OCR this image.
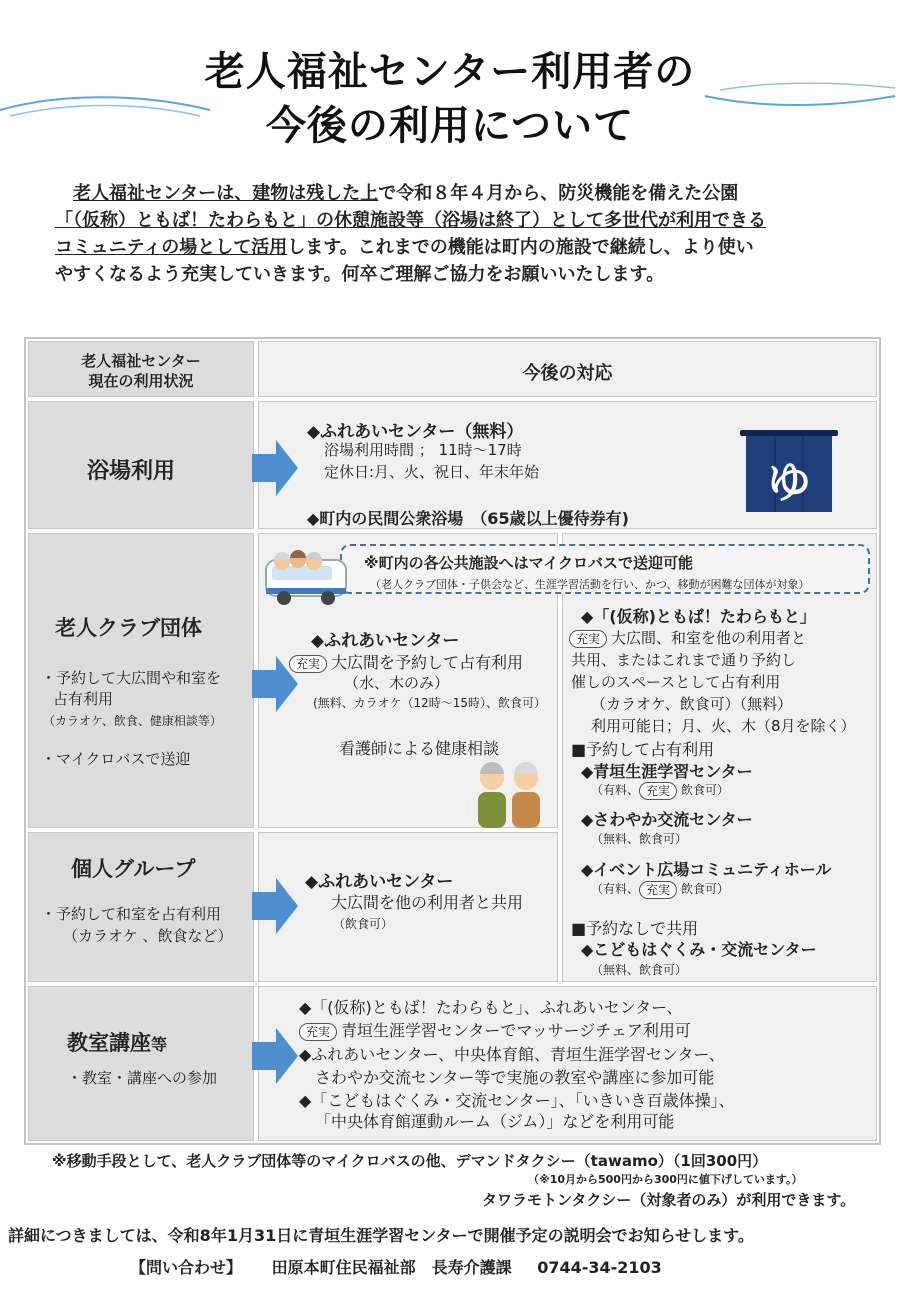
老人福祉センター利用者の
今後の利用について
老人福祉センターは、建物は残した上で令和８年４月から、防災機能を備えた公園
「（仮称）ともば！たわらもと」の休憩施設等（浴場は終了）として多世代が利用できる
コミュニティの場として活用します。これまでの機能は町内の施設で継続し、より使い
やすくなるよう充実していきます。何卒ご理解ご協力をお願いいたします。
老人福祉センター
現在の利用状況	今後の対応
浴場利用
◆ふれあいセンター（無料）
浴場利用時間 ； 11時～17時
定休日:月、火、祝日、年末年始
◆町内の民間公衆浴場　（65歳以上優待券有)
ゆ
老人クラブ団体
・予約して大広間や和室を
占有利用
（カラオケ、飲食、健康相談等）
・マイクロバスで送迎
個人グループ
・予約して和室を占有利用
（カラオケ 、飲食など）
◆ふれあいセンター
充実 大広間を予約して占有利用
（水、木のみ）
(無料、カラオケ（12時～15時）、飲食可）
看護師による健康相談
◆ふれあいセンター
大広間を他の利用者と共用
（飲食可）
◆「(仮称)ともば！たわらもと」
充実 大広間、和室を他の利用者と
共用、またはこれまで通り予約し
催しのスペースとして占有利用
（カラオケ、飲食可）（無料）
利用可能日；月、火、木（8月を除く）
■予約して占有利用
◆青垣生涯学習センター
（有料、 充実 飲食可）
◆さわやか交流センター
（無料、飲食可）
◆イベント広場コミュニティホール
（有料、 充実 飲食可）
■予約なしで共用
◆こどもはぐくみ・交流センター
（無料、飲食可）
※町内の各公共施設へはマイクロバスで送迎可能
（老人クラブ団体・子供会など、生涯学習活動を行い、かつ、移動が困難な団体が対象）
教室講座等
・教室・講座への参加
◆「(仮称)ともば！たわらもと」、ふれあいセンター、
充実 青垣生涯学習センターでマッサージチェア利用可
◆ふれあいセンター、中央体育館、青垣生涯学習センター、
さわやか交流センター等で実施の教室や講座に参加可能
◆「こどもはぐくみ・交流センター」、「いきいき百歳体操」、
「中央体育館運動ルーム（ジム）」などを利用可能
※移動手段として、老人クラブ団体等のマイクロバスの他、デマンドタクシー（tawamo）（1回300円）
（※10月から500円から300円に値下げしています。）
タワラモトンタクシー（対象者のみ）が利用できます。
詳細につきましては、令和8年1月31日に青垣生涯学習センターで開催予定の説明会でお知らせします。
【問い合わせ】 田原本町住民福祉部　長寿介護課 0744-34-2103
